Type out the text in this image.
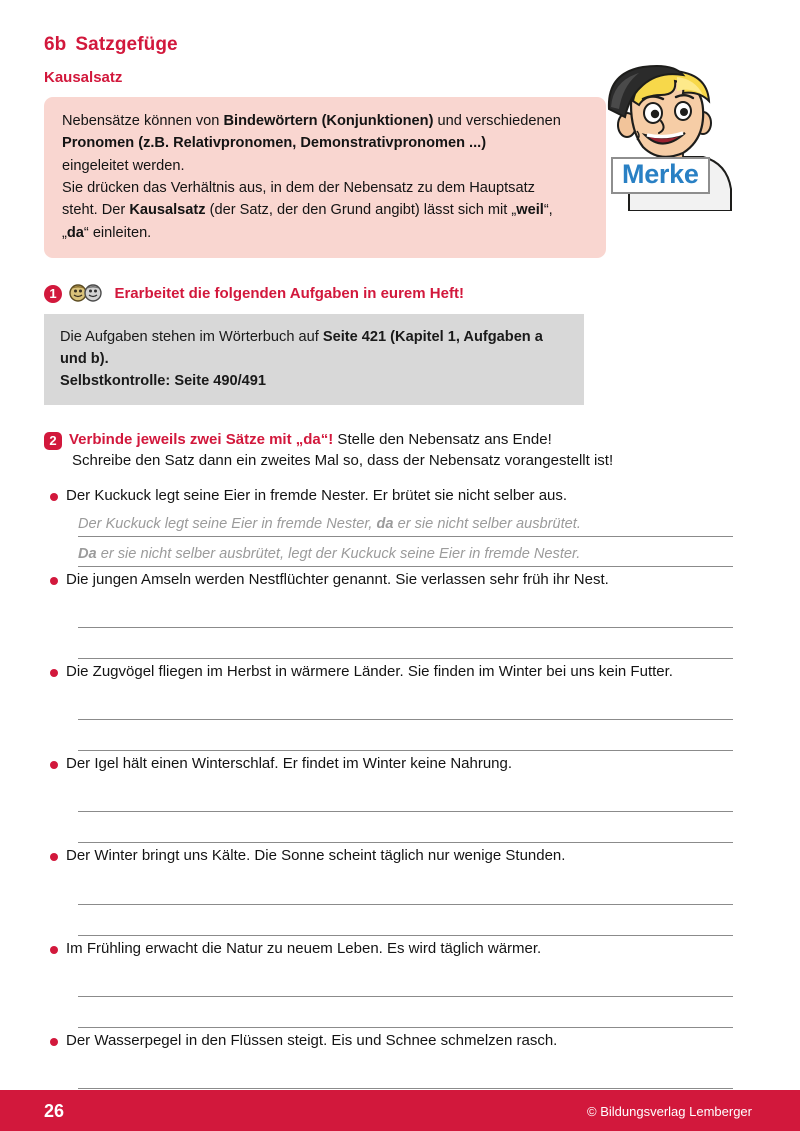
6b Satzgefüge
Kausalsatz
Nebensätze können von Bindewörtern (Konjunktionen) und verschiedenen
Pronomen (z.B. Relativpronomen, Demonstrativpronomen ...)
eingeleitet werden.
Sie drücken das Verhältnis aus, in dem der Nebensatz zu dem Hauptsatz
steht. Der Kausalsatz (der Satz, der den Grund angibt) lässt sich mit „weil“,
„da“ einleiten.
Merke
1	Erarbeitet die folgenden Aufgaben in eurem Heft!
Die Aufgaben stehen im Wörterbuch auf Seite 421 (Kapitel 1, Aufgaben a und b).
Selbstkontrolle: Seite 490/491
2 Verbinde jeweils zwei Sätze mit „da“! Stelle den Nebensatz ans Ende!
Schreibe den Satz dann ein zweites Mal so, dass der Nebensatz vorangestellt ist!
Der Kuckuck legt seine Eier in fremde Nester. Er brütet sie nicht selber aus.
Der Kuckuck legt seine Eier in fremde Nester, da er sie nicht selber ausbrütet.
Da er sie nicht selber ausbrütet, legt der Kuckuck seine Eier in fremde Nester.
Die jungen Amseln werden Nestflüchter genannt. Sie verlassen sehr früh ihr Nest.
Die Zugvögel fliegen im Herbst in wärmere Länder. Sie finden im Winter bei uns kein Futter.
Der Igel hält einen Winterschlaf. Er findet im Winter keine Nahrung.
Der Winter bringt uns Kälte. Die Sonne scheint täglich nur wenige Stunden.
Im Frühling erwacht die Natur zu neuem Leben. Es wird täglich wärmer.
Der Wasserpegel in den Flüssen steigt. Eis und Schnee schmelzen rasch.
26	© Bildungsverlag Lemberger
